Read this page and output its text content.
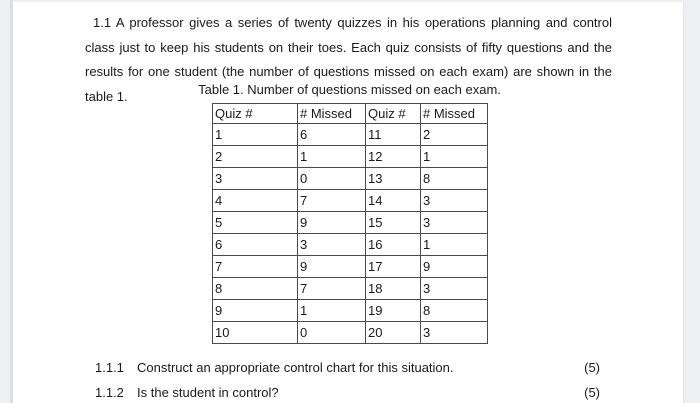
1.1 A professor gives a series of twenty quizzes in his operations planning and control class just to keep his students on their toes. Each quiz consists of fifty questions and the results for one student (the number of questions missed on each exam) are shown in the table 1.	Table 1. Number of questions missed on each exam.
Quiz #	# Missed	Quiz #	# Missed
1	6	11	2
2	1	12	1
3	0	13	8
4	7	14	3
5	9	15	3
6	3	16	1
7	9	17	9
8	7	18	3
9	1	19	8
10	0	20	3
1.1.1	Construct an appropriate control chart for this situation.	(5)
1.1.2	Is the student in control?	(5)
